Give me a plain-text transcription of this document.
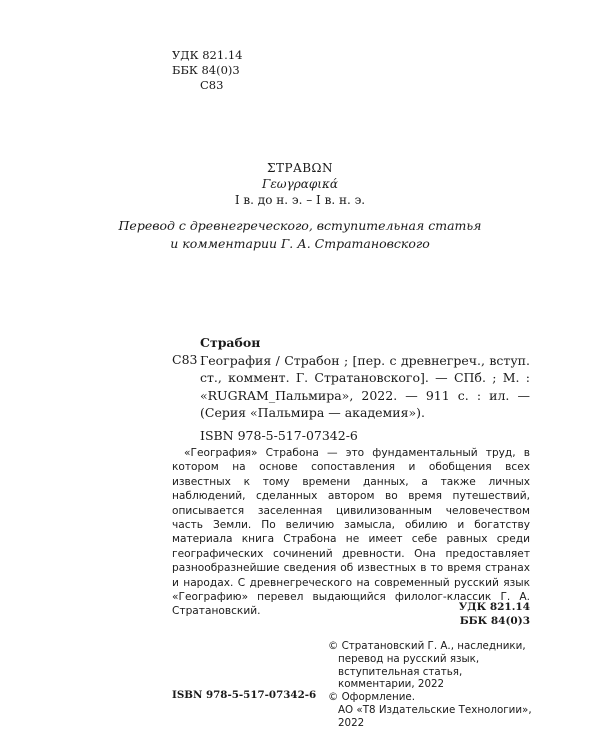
УДК 821.14
ББК 84(0)3
С83
ΣΤΡΑΒΩΝ
Γεωγραφικά
I в. до н. э. – I в. н. э.
Перевод с древнегреческого, вступительная статья
и комментарии Г. А. Стратановского
Страбон
С83 География / Страбон ; [пер. с древнегреч., вступ. ст., коммент. Г. Стратановского]. — СПб. ; М. : «RUGRAM_Пальмира», 2022. — 911 с. : ил. — (Серия «Пальмира — академия»).
ISBN 978-5-517-07342-6
«География» Страбона — это фундаментальный труд, в котором на основе сопоставления и обобщения всех известных к тому времени данных, а также личных наблюдений, сделанных автором во время путешествий, описывается заселенная цивилизованным человечеством часть Земли. По величию замысла, обилию и богатству материала книга Страбона не имеет себе равных среди географических сочинений древности. Она предоставляет разнообразнейшие сведения об известных в то время странах и народах. С древнегреческого на современный русский язык «Географию» перевел выдающийся филолог-классик Г. А. Стратановский.	УДК 821.14
ББК 84(0)3
© Стратановский Г. А., наследники,
перевод на русский язык,
вступительная статья,
комментарии, 2022
© Оформление.
АО «Т8 Издательские Технологии», 2022
ISBN 978-5-517-07342-6
